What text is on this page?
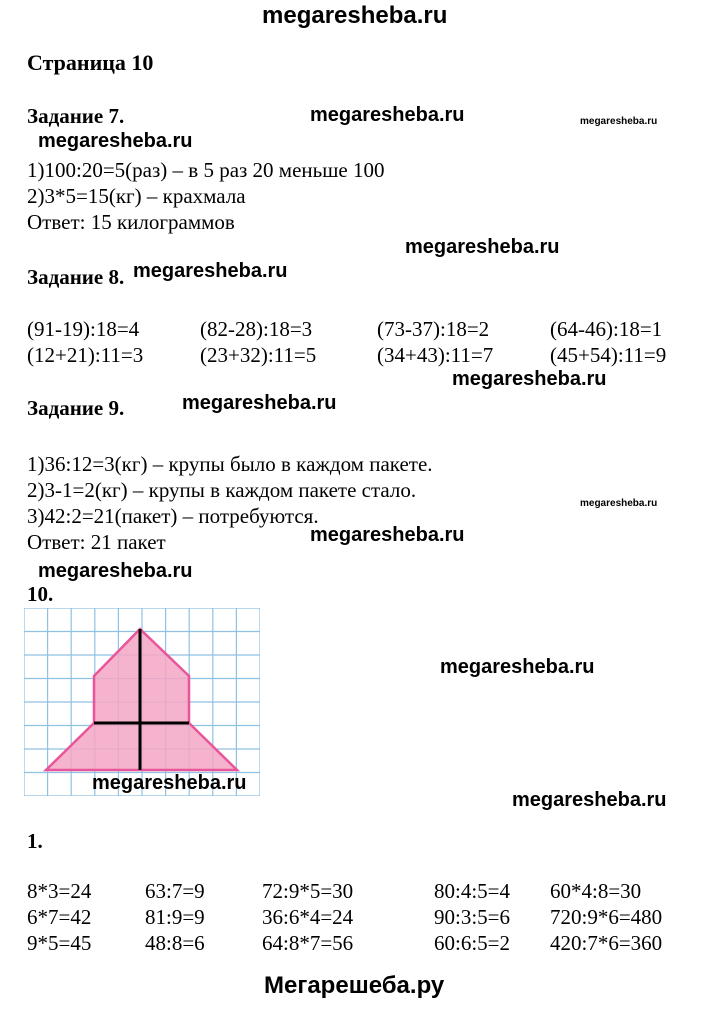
megaresheba.ru
Страница 10
Задание 7.	megaresheba.ru	megaresheba.ru
megaresheba.ru
1)100:20=5(раз) – в 5 раз 20 меньше 100
2)3*5=15(кг) – крахмала
Ответ: 15 килограммов
megaresheba.ru
Задание 8. megaresheba.ru
(91-19):18=4	(82-28):18=3	(73-37):18=2	(64-46):18=1
(12+21):11=3	(23+32):11=5	(34+43):11=7	(45+54):11=9
megaresheba.ru
Задание 9.	megaresheba.ru
1)36:12=3(кг) – крупы было в каждом пакете.
2)3-1=2(кг) – крупы в каждом пакете стало.
megaresheba.ru
3)42:2=21(пакет) – потребуются.
Ответ: 21 пакет	megaresheba.ru
megaresheba.ru
10.
megaresheba.ru
megaresheba.ru
megaresheba.ru
1.
8*3=24	63:7=9	72:9*5=30	80:4:5=4 60*4:8=30
6*7=42	81:9=9	36:6*4=24	90:3:5=6 720:9*6=480
9*5=45	48:8=6	64:8*7=56	60:6:5=2 420:7*6=360
Мегарешеба.ру
